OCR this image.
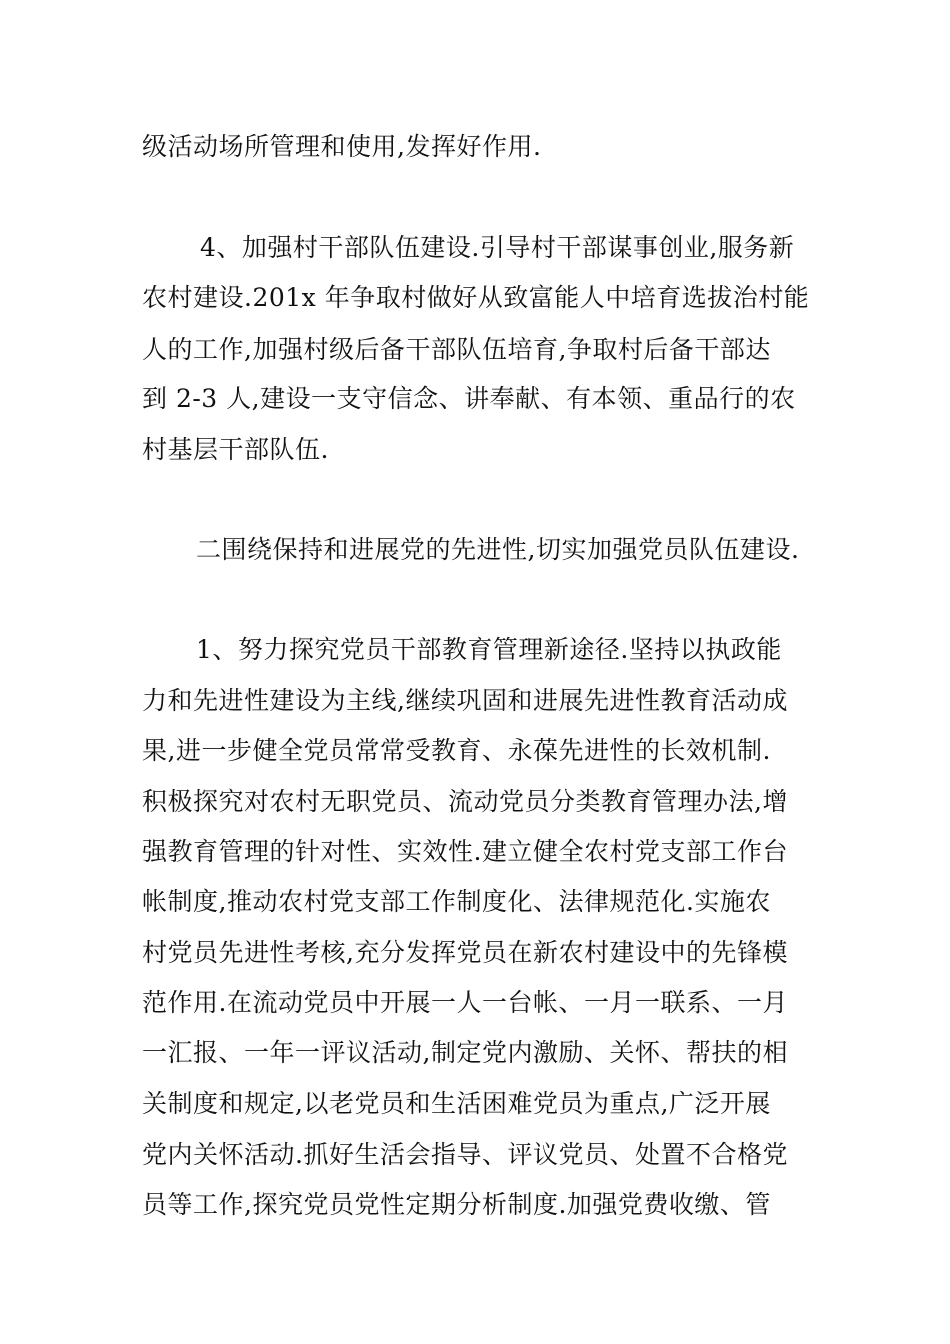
级活动场所管理和使用,发挥好作用.
4、加强村干部队伍建设.引导村干部谋事创业,服务新
农村建设.201x 年争取村做好从致富能人中培育选拔治村能
人的工作,加强村级后备干部队伍培育,争取村后备干部达
到 2-3 人,建设一支守信念、讲奉献、有本领、重品行的农
村基层干部队伍.
二围绕保持和进展党的先进性,切实加强党员队伍建设.
1、努力探究党员干部教育管理新途径.坚持以执政能
力和先进性建设为主线,继续巩固和进展先进性教育活动成
果,进一步健全党员常常受教育、永葆先进性的长效机制.
积极探究对农村无职党员、流动党员分类教育管理办法,增
强教育管理的针对性、实效性.建立健全农村党支部工作台
帐制度,推动农村党支部工作制度化、法律规范化.实施农
村党员先进性考核,充分发挥党员在新农村建设中的先锋模
范作用.在流动党员中开展一人一台帐、一月一联系、一月
一汇报、一年一评议活动,制定党内激励、关怀、帮扶的相
关制度和规定,以老党员和生活困难党员为重点,广泛开展
党内关怀活动.抓好生活会指导、评议党员、处置不合格党
员等工作,探究党员党性定期分析制度.加强党费收缴、管
